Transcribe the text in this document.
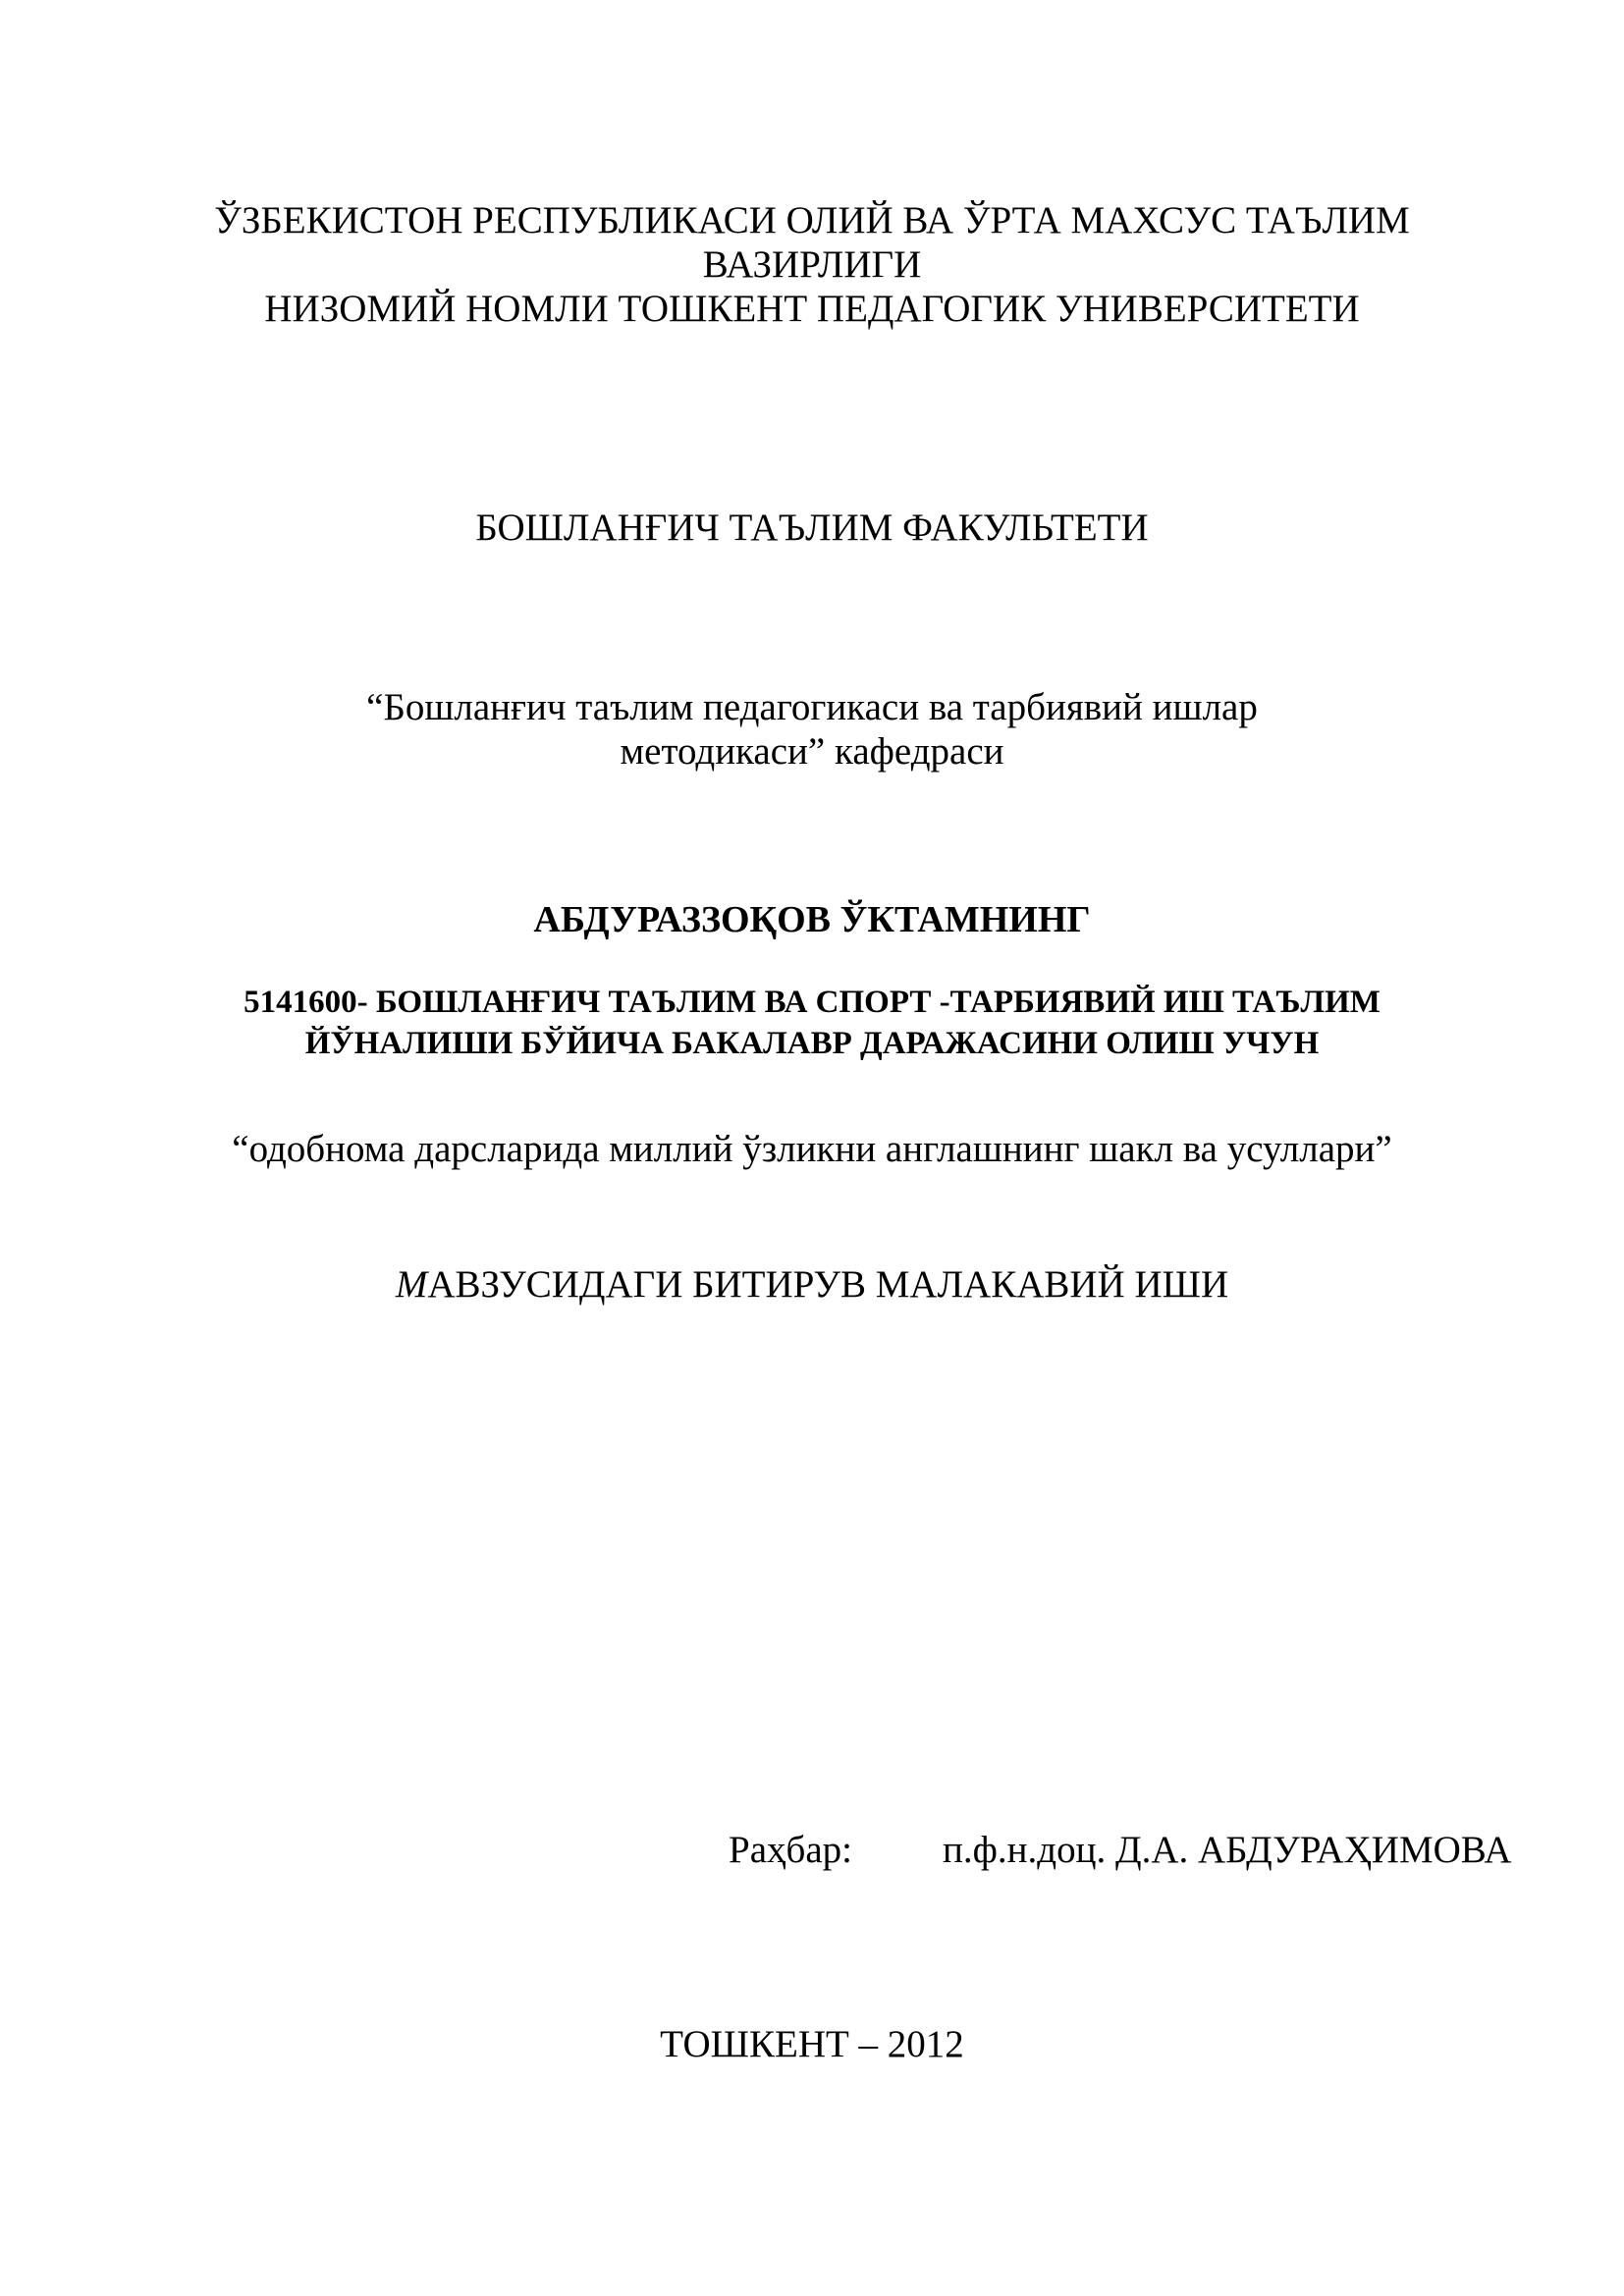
ЎЗБЕКИСТОН РЕСПУБЛИКАСИ ОЛИЙ ВА ЎРТА МАХСУС ТАЪЛИМ
ВАЗИРЛИГИ
НИЗОМИЙ НОМЛИ ТОШКЕНТ ПЕДАГОГИК УНИВЕРСИТЕТИ
БОШЛАНҒИЧ ТАЪЛИМ ФАКУЛЬТЕТИ
“Бошланғич таълим педагогикаси ва тарбиявий ишлар
методикаси” кафедраси
АБДУРАЗЗОҚОВ ЎКТАМНИНГ
5141600- БОШЛАНҒИЧ ТАЪЛИМ ВА СПОРТ -ТАРБИЯВИЙ ИШ ТАЪЛИМ
ЙЎНАЛИШИ БЎЙИЧА БАКАЛАВР ДАРАЖАСИНИ ОЛИШ УЧУН
“одобнома дарсларида миллий ўзликни англашнинг шакл ва усуллари”
МАВЗУСИДАГИ БИТИРУВ МАЛАКАВИЙ ИШИ
Раҳбар: п.ф.н.доц. Д.А. АБДУРАҲИМОВА
ТОШКЕНТ – 2012
